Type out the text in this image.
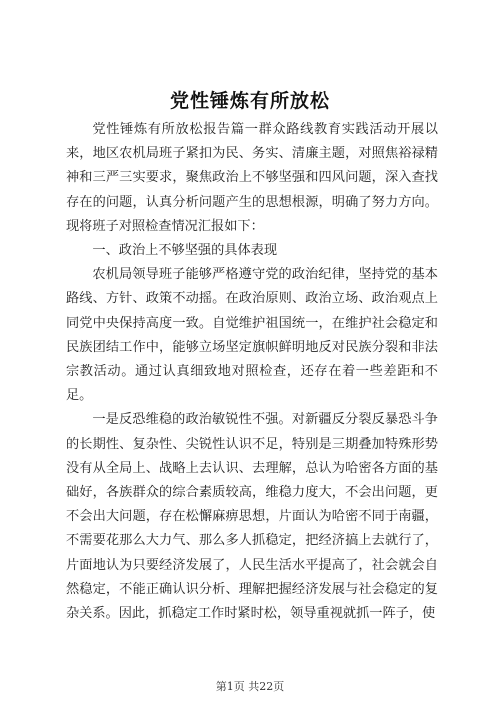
党性锤炼有所放松

党性锤炼有所放松报告篇一群众路线教育实践活动开展以来，地区农机局班子紧扣为民、务实、清廉主题，对照焦裕禄精神和三严三实要求，聚焦政治上不够坚强和四风问题，深入查找存在的问题，认真分析问题产生的思想根源，明确了努力方向。现将班子对照检查情况汇报如下：

一、政治上不够坚强的具体表现

农机局领导班子能够严格遵守党的政治纪律，坚持党的基本路线、方针、政策不动摇。在政治原则、政治立场、政治观点上同党中央保持高度一致。自觉维护祖国统一，在维护社会稳定和民族团结工作中，能够立场坚定旗帜鲜明地反对民族分裂和非法宗教活动。通过认真细致地对照检查，还存在着一些差距和不足。

一是反恐维稳的政治敏锐性不强。对新疆反分裂反暴恐斗争的长期性、复杂性、尖锐性认识不足，特别是三期叠加特殊形势没有从全局上、战略上去认识、去理解，总认为哈密各方面的基础好，各族群众的综合素质较高，维稳力度大，不会出问题，更不会出大问题，存在松懈麻痹思想，片面认为哈密不同于南疆，不需要花那么大力气、那么多人抓稳定，把经济搞上去就行了，片面地认为只要经济发展了，人民生活水平提高了，社会就会自然稳定，不能正确认识分析、理解把握经济发展与社会稳定的复杂关系。因此，抓稳定工作时紧时松，领导重视就抓一阵子，使

第1页 共22页
